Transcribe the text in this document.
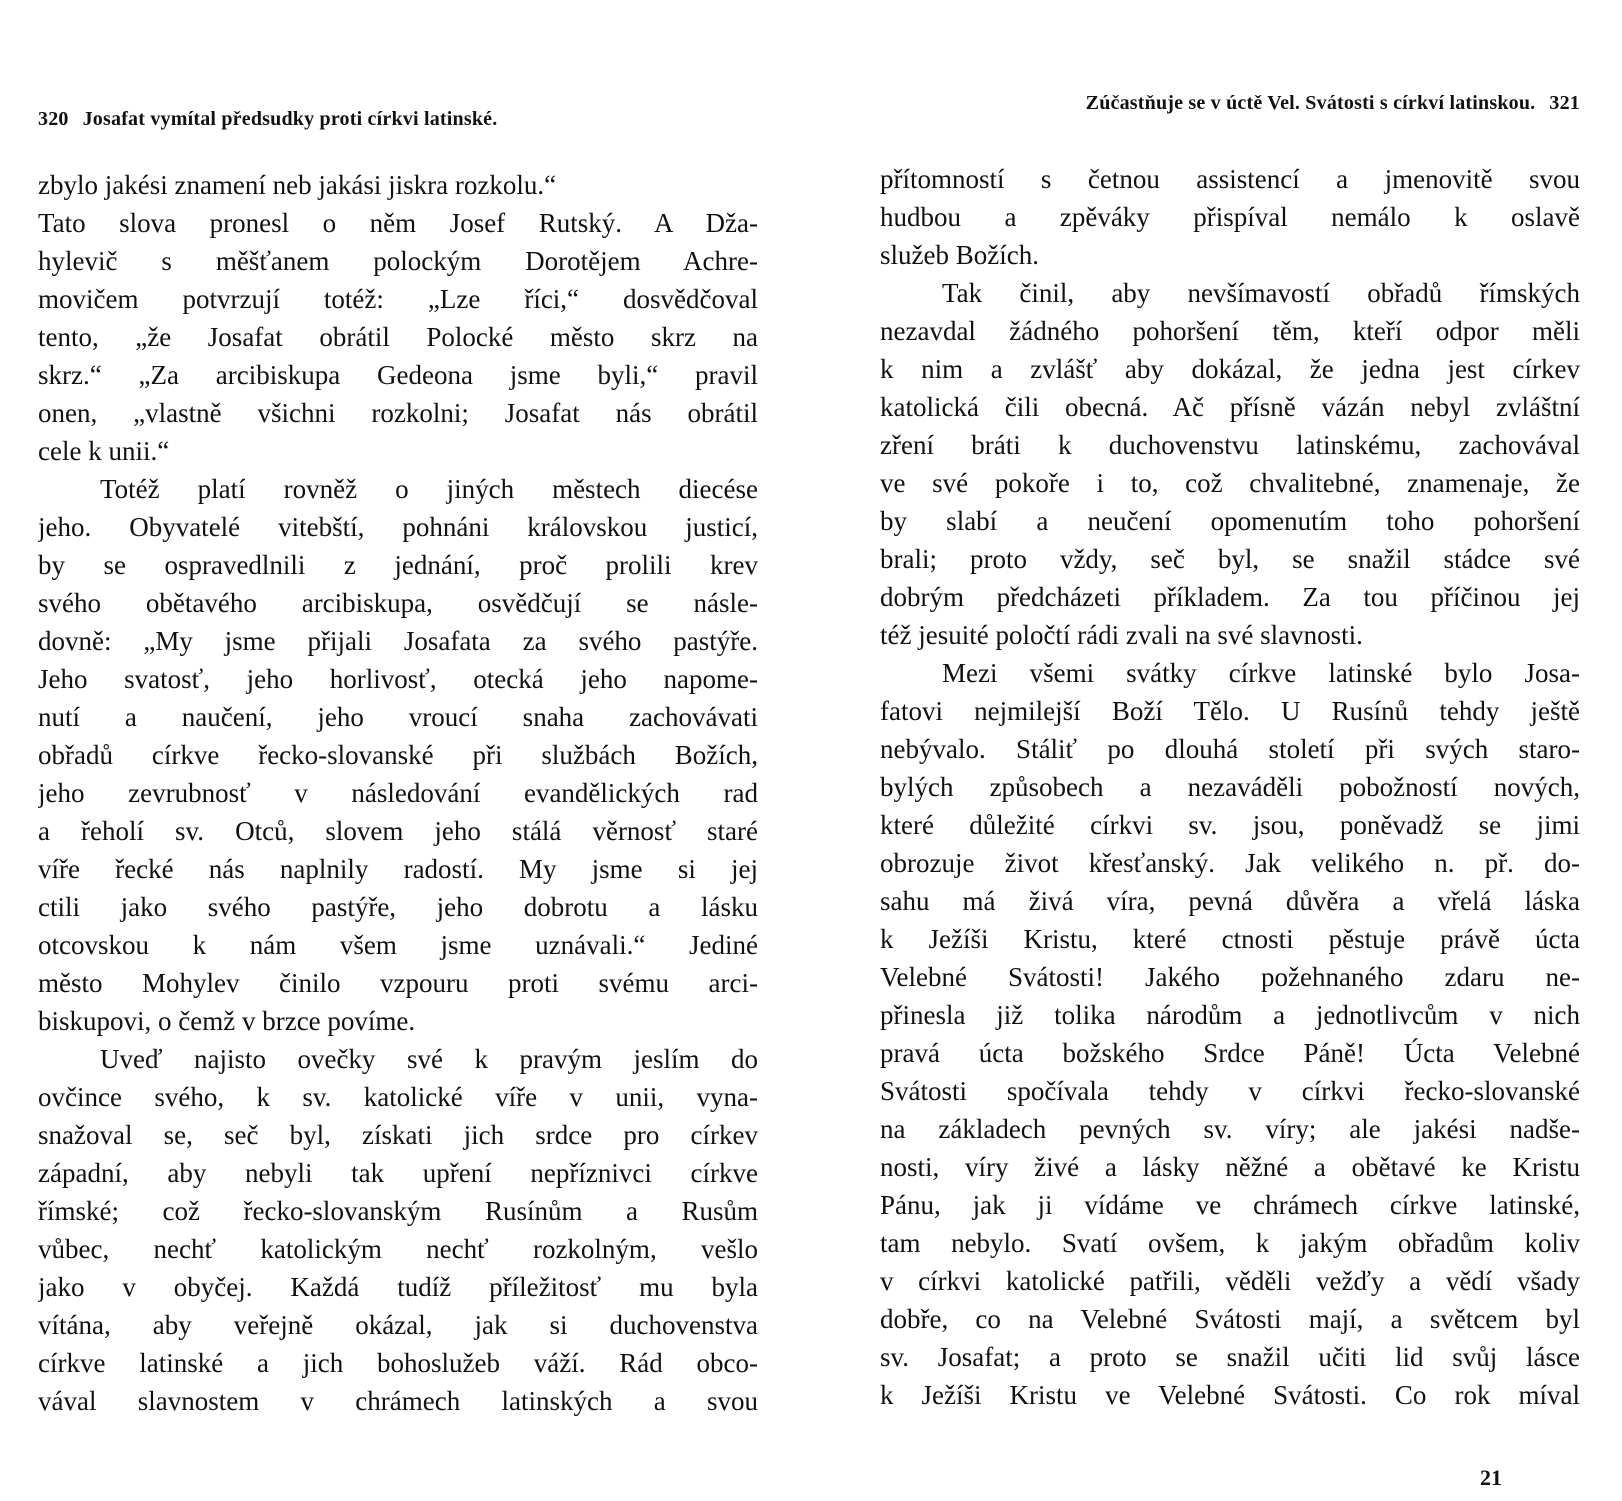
320 Josafat vymítal předsudky proti církvi latinské.
zbylo jakési znamení neb jakási jiskra rozkolu.“
Tato slova pronesl o něm Josef Rutský. A Dža-
hylevič s měšťanem polockým Dorotějem Achre-
movičem potvrzují totéž: „Lze říci,“ dosvědčoval
tento, „že Josafat obrátil Polocké město skrz na
skrz.“ „Za arcibiskupa Gedeona jsme byli,“ pravil
onen, „vlastně všichni rozkolni; Josafat nás obrátil
cele k unii.“
Totéž platí rovněž o jiných městech diecése
jeho. Obyvatelé vitebští, pohnáni královskou justicí,
by se ospravedlnili z jednání, proč prolili krev
svého obětavého arcibiskupa, osvědčují se násle-
dovně: „My jsme přijali Josafata za svého pastýře.
Jeho svatosť, jeho horlivosť, otecká jeho napome-
nutí a naučení, jeho vroucí snaha zachovávati
obřadů církve řecko-slovanské při službách Božích,
jeho zevrubnosť v následování evandělických rad
a řeholí sv. Otců, slovem jeho stálá věrnosť staré
víře řecké nás naplnily radostí. My jsme si jej
ctili jako svého pastýře, jeho dobrotu a lásku
otcovskou k nám všem jsme uznávali.“ Jediné
město Mohylev činilo vzpouru proti svému arci-
biskupovi, o čemž v brzce povíme.
Uveď najisto ovečky své k pravým jeslím do
ovčince svého, k sv. katolické víře v unii, vyna-
snažoval se, seč byl, získati jich srdce pro církev
západní, aby nebyli tak upření nepříznivci církve
římské; což řecko-slovanským Rusínům a Rusům
vůbec, nechť katolickým nechť rozkolným, vešlo
jako v obyčej. Každá tudíž příležitosť mu byla
vítána, aby veřejně okázal, jak si duchovenstva
církve latinské a jich bohoslužeb váží. Rád obco-
vával slavnostem v chrámech latinských a svou
Zúčastňuje se v úctě Vel. Svátosti s církví latinskou. 321
přítomností s četnou assistencí a jmenovitě svou
hudbou a zpěváky přispíval nemálo k oslavě
služeb Božích.
Tak činil, aby nevšímavostí obřadů římských
nezavdal žádného pohoršení těm, kteří odpor měli
k nim a zvlášť aby dokázal, že jedna jest církev
katolická čili obecná. Ač přísně vázán nebyl zvláštní
zření bráti k duchovenstvu latinskému, zachovával
ve své pokoře i to, což chvalitebné, znamenaje, že
by slabí a neučení opomenutím toho pohoršení
brali; proto vždy, seč byl, se snažil stádce své
dobrým předcházeti příkladem. Za tou příčinou jej
též jesuité poločtí rádi zvali na své slavnosti.
Mezi všemi svátky církve latinské bylo Josa-
fatovi nejmilejší Boží Tělo. U Rusínů tehdy ještě
nebývalo. Stáliť po dlouhá století při svých staro-
bylých způsobech a nezaváděli pobožností nových,
které důležité církvi sv. jsou, poněvadž se jimi
obrozuje život křesťanský. Jak velikého n. př. do-
sahu má živá víra, pevná důvěra a vřelá láska
k Ježíši Kristu, které ctnosti pěstuje právě úcta
Velebné Svátosti! Jakého požehnaného zdaru ne-
přinesla již tolika národům a jednotlivcům v nich
pravá úcta božského Srdce Páně! Úcta Velebné
Svátosti spočívala tehdy v církvi řecko-slovanské
na základech pevných sv. víry; ale jakési nadše-
nosti, víry živé a lásky něžné a obětavé ke Kristu
Pánu, jak ji vídáme ve chrámech církve latinské,
tam nebylo. Svatí ovšem, k jakým obřadům koliv
v církvi katolické patřili, věděli vežďy a vědí všady
dobře, co na Velebné Svátosti mají, a světcem byl
sv. Josafat; a proto se snažil učiti lid svůj lásce
k Ježíši Kristu ve Velebné Svátosti. Co rok míval
21
